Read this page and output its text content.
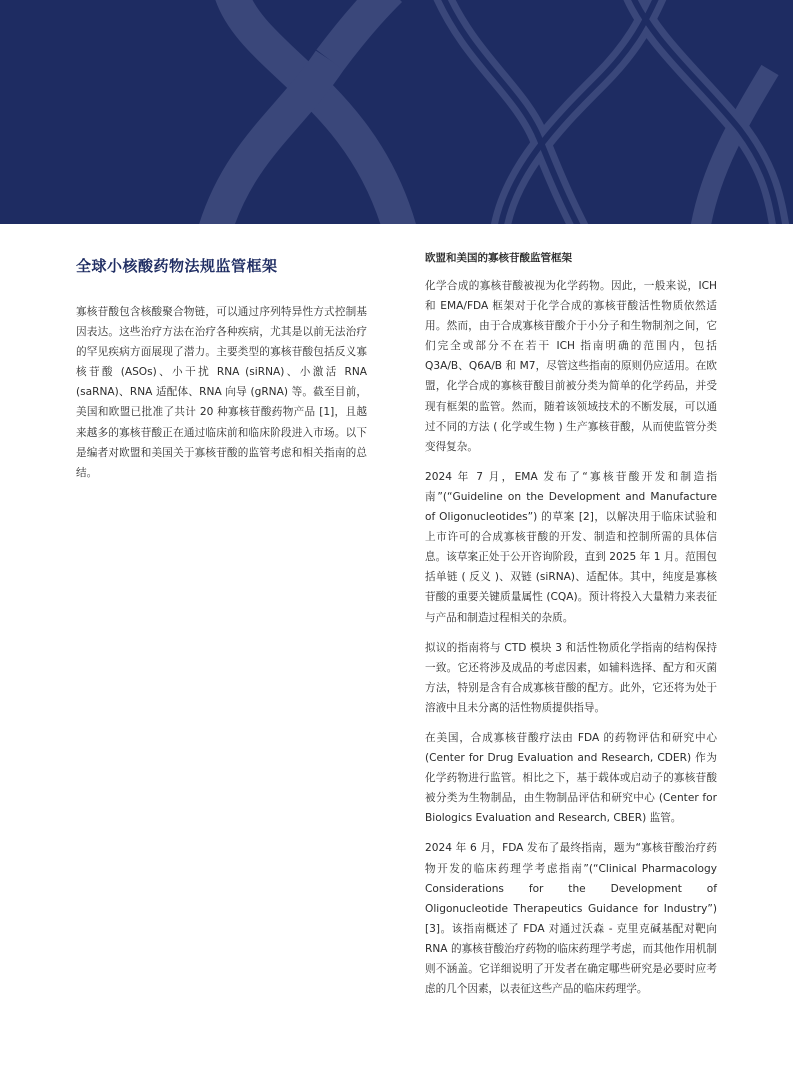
全球小核酸药物法规监管框架

寡核苷酸包含核酸聚合物链，可以通过序列特异性方式控制基因表达。这些治疗方法在治疗各种疾病，尤其是以前无法治疗的罕见疾病方面展现了潜力。主要类型的寡核苷酸包括反义寡核苷酸 (ASOs)、小干扰 RNA (siRNA)、小激活 RNA (saRNA)、RNA 适配体、RNA 向导 (gRNA) 等。截至目前，美国和欧盟已批准了共计 20 种寡核苷酸药物产品 [1]，且越来越多的寡核苷酸正在通过临床前和临床阶段进入市场。以下是编者对欧盟和美国关于寡核苷酸的监管考虑和相关指南的总结。

欧盟和美国的寡核苷酸监管框架

化学合成的寡核苷酸被视为化学药物。因此，一般来说，ICH 和 EMA/FDA 框架对于化学合成的寡核苷酸活性物质依然适用。然而，由于合成寡核苷酸介于小分子和生物制剂之间，它们完全或部分不在若干 ICH 指南明确的范围内，包括 Q3A/B、Q6A/B 和 M7，尽管这些指南的原则仍应适用。在欧盟，化学合成的寡核苷酸目前被分类为简单的化学药品，并受现有框架的监管。然而，随着该领域技术的不断发展，可以通过不同的方法 ( 化学或生物 ) 生产寡核苷酸，从而使监管分类变得复杂。

2024 年 7 月，EMA 发布了“寡核苷酸开发和制造指南”(“Guideline on the Development and Manufacture of Oligonucleotides”) 的草案 [2]，以解决用于临床试验和上市许可的合成寡核苷酸的开发、制造和控制所需的具体信息。该草案正处于公开咨询阶段，直到 2025 年 1 月。范围包括单链 ( 反义 )、双链 (siRNA)、适配体。其中，纯度是寡核苷酸的重要关键质量属性 (CQA)。预计将投入大量精力来表征与产品和制造过程相关的杂质。

拟议的指南将与 CTD 模块 3 和活性物质化学指南的结构保持一致。它还将涉及成品的考虑因素，如辅料选择、配方和灭菌方法，特别是含有合成寡核苷酸的配方。此外，它还将为处于溶液中且未分离的活性物质提供指导。

在美国，合成寡核苷酸疗法由 FDA 的药物评估和研究中心 (Center for Drug Evaluation and Research, CDER) 作为化学药物进行监管。相比之下，基于载体或启动子的寡核苷酸被分类为生物制品，由生物制品评估和研究中心 (Center for Biologics Evaluation and Research, CBER) 监管。

2024 年 6 月，FDA 发布了最终指南，题为“寡核苷酸治疗药物开发的临床药理学考虑指南”(“Clinical Pharmacology Considerations for the Development of Oligonucleotide Therapeutics Guidance for Industry”) [3]。该指南概述了 FDA 对通过沃森 - 克里克碱基配对靶向 RNA 的寡核苷酸治疗药物的临床药理学考虑，而其他作用机制则不涵盖。它详细说明了开发者在确定哪些研究是必要时应考虑的几个因素，以表征这些产品的临床药理学。
